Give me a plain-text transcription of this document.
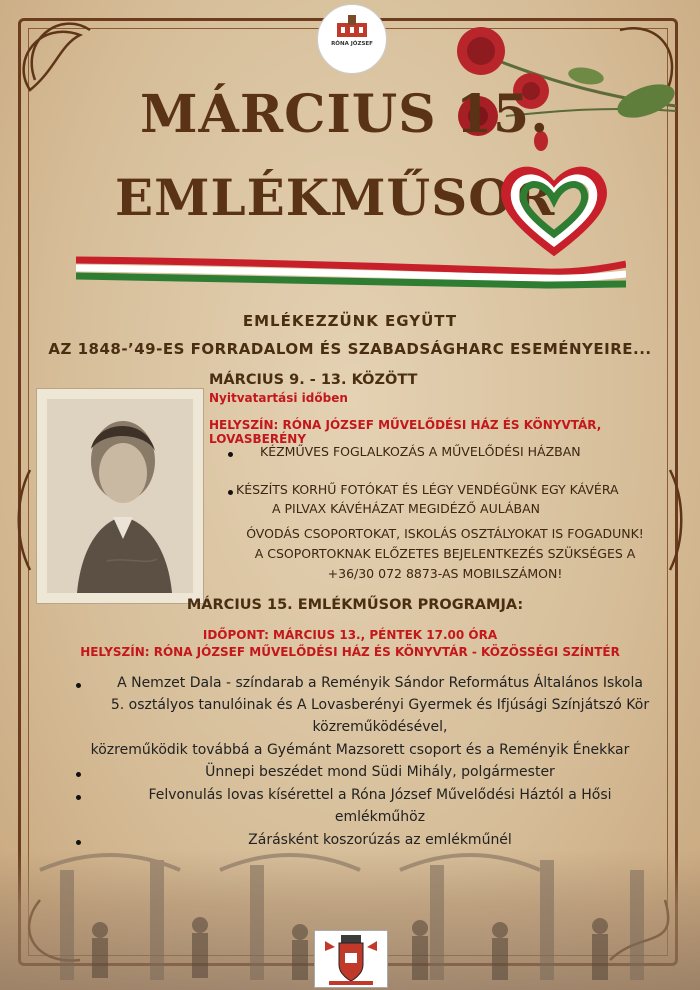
RÓNA JÓZSEF
MÁRCIUS 15.
EMLÉKMŰSOR
EMLÉKEZZÜNK EGYÜTT
AZ 1848-’49-ES FORRADALOM ÉS SZABADSÁGHARC ESEMÉNYEIRE...
MÁRCIUS 9. - 13. KÖZÖTT
Nyitvatartási időben
HELYSZÍN: RÓNA JÓZSEF MŰVELŐDÉSI HÁZ ÉS KÖNYVTÁR, LOVASBERÉNY
KÉZMŰVES FOGLALKOZÁS A MŰVELŐDÉSI HÁZBAN
KÉSZÍTS KORHŰ FOTÓKAT ÉS LÉGY VENDÉGÜNK EGY KÁVÉRA
A PILVAX KÁVÉHÁZAT MEGIDÉZŐ AULÁBAN
ÓVODÁS CSOPORTOKAT, ISKOLÁS OSZTÁLYOKAT IS FOGADUNK!
A CSOPORTOKNAK ELŐZETES BEJELENTKEZÉS SZÜKSÉGES A
+36/30 072 8873-AS MOBILSZÁMON!
MÁRCIUS 15. EMLÉKMŰSOR PROGRAMJA:
IDŐPONT: MÁRCIUS 13., PÉNTEK 17.00 ÓRA
HELYSZÍN: RÓNA JÓZSEF MŰVELŐDÉSI HÁZ ÉS KÖNYVTÁR - KÖZÖSSÉGI SZÍNTÉR
A Nemzet Dala - színdarab a Reményik Sándor Református Általános Iskola
5. osztályos tanulóinak és A Lovasberényi Gyermek és Ifjúsági Színjátszó Kör
közreműködésével,
közreműködik továbbá a Gyémánt Mazsorett csoport és a Reményik Énekkar
Ünnepi beszédet mond Südi Mihály, polgármester
Felvonulás lovas kísérettel a Róna József Művelődési Háztól a Hősi
emlékműhöz
Zárásként koszorúzás az emlékműnél
